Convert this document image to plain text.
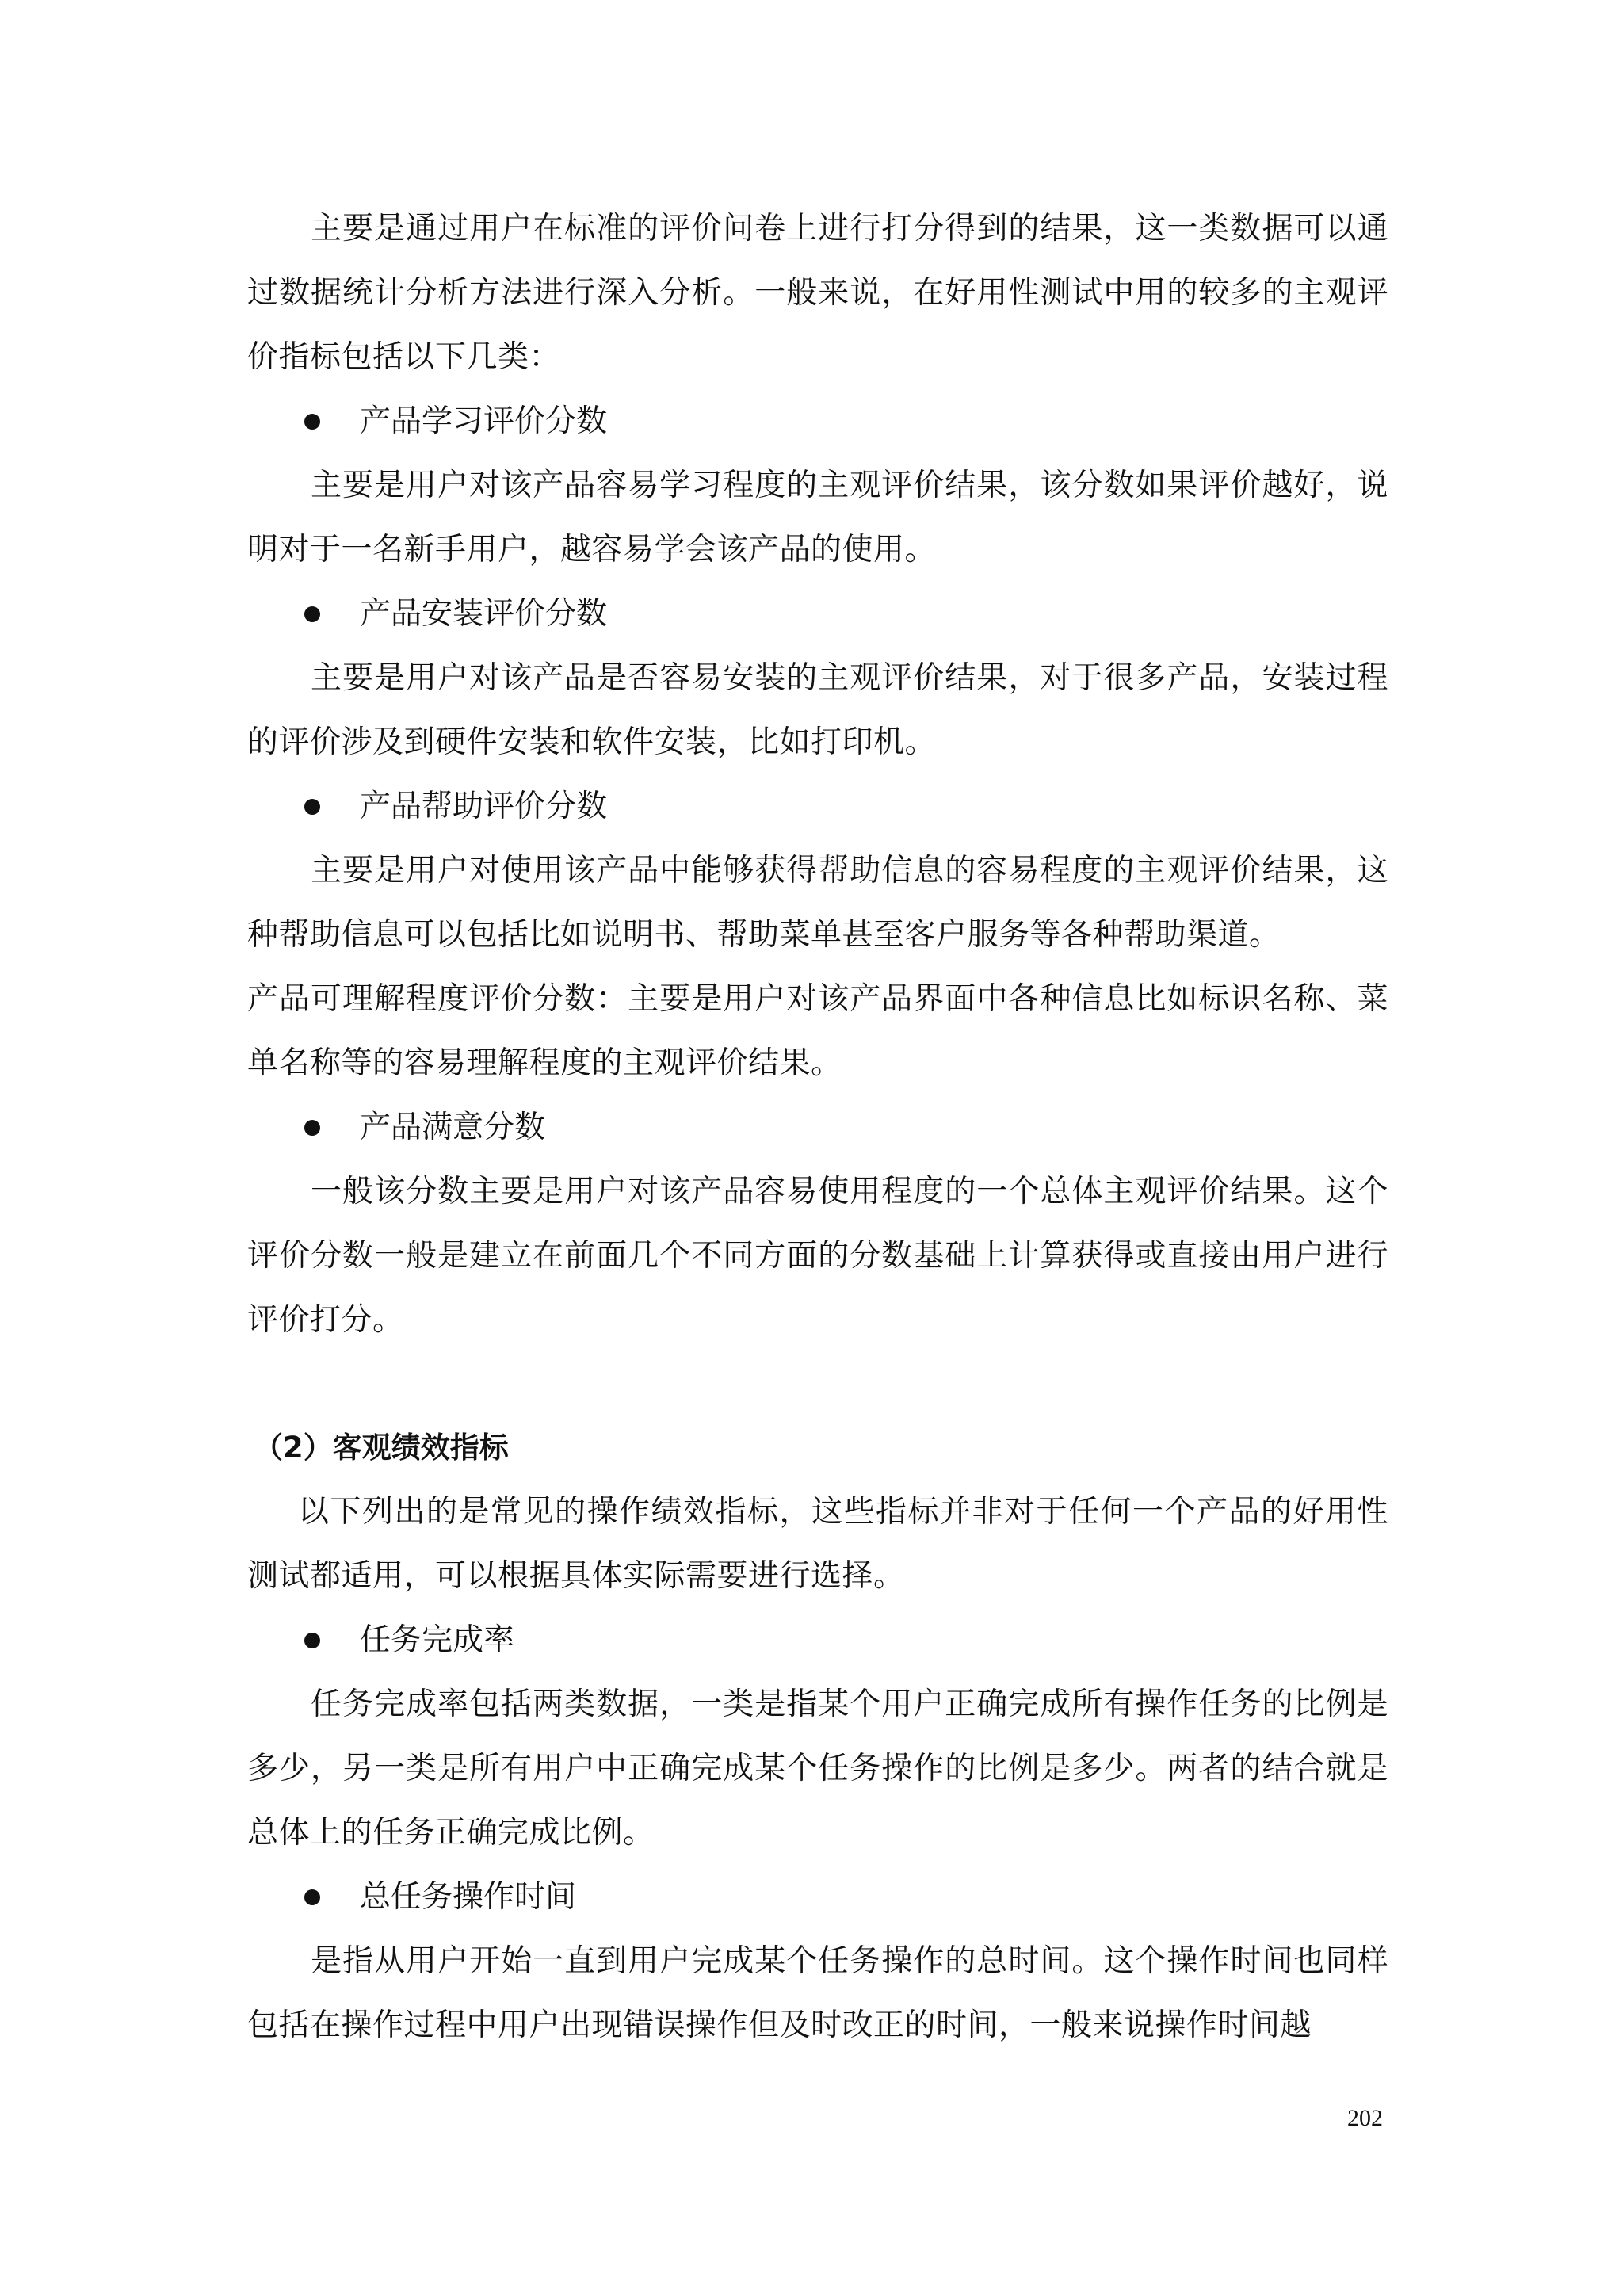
主要是通过用户在标准的评价问卷上进行打分得到的结果，这一类数据可以通过数据统计分析方法进行深入分析。一般来说，在好用性测试中用的较多的主观评价指标包括以下几类：

产品学习评价分数

主要是用户对该产品容易学习程度的主观评价结果，该分数如果评价越好，说明对于一名新手用户，越容易学会该产品的使用。

产品安装评价分数

主要是用户对该产品是否容易安装的主观评价结果，对于很多产品，安装过程的评价涉及到硬件安装和软件安装，比如打印机。

产品帮助评价分数

主要是用户对使用该产品中能够获得帮助信息的容易程度的主观评价结果，这种帮助信息可以包括比如说明书、帮助菜单甚至客户服务等各种帮助渠道。

产品可理解程度评价分数：主要是用户对该产品界面中各种信息比如标识名称、菜单名称等的容易理解程度的主观评价结果。

产品满意分数

一般该分数主要是用户对该产品容易使用程度的一个总体主观评价结果。这个评价分数一般是建立在前面几个不同方面的分数基础上计算获得或直接由用户进行评价打分。

（2）客观绩效指标

以下列出的是常见的操作绩效指标，这些指标并非对于任何一个产品的好用性测试都适用，可以根据具体实际需要进行选择。

任务完成率

任务完成率包括两类数据，一类是指某个用户正确完成所有操作任务的比例是多少，另一类是所有用户中正确完成某个任务操作的比例是多少。两者的结合就是总体上的任务正确完成比例。

总任务操作时间

是指从用户开始一直到用户完成某个任务操作的总时间。这个操作时间也同样包括在操作过程中用户出现错误操作但及时改正的时间，一般来说操作时间越

202
